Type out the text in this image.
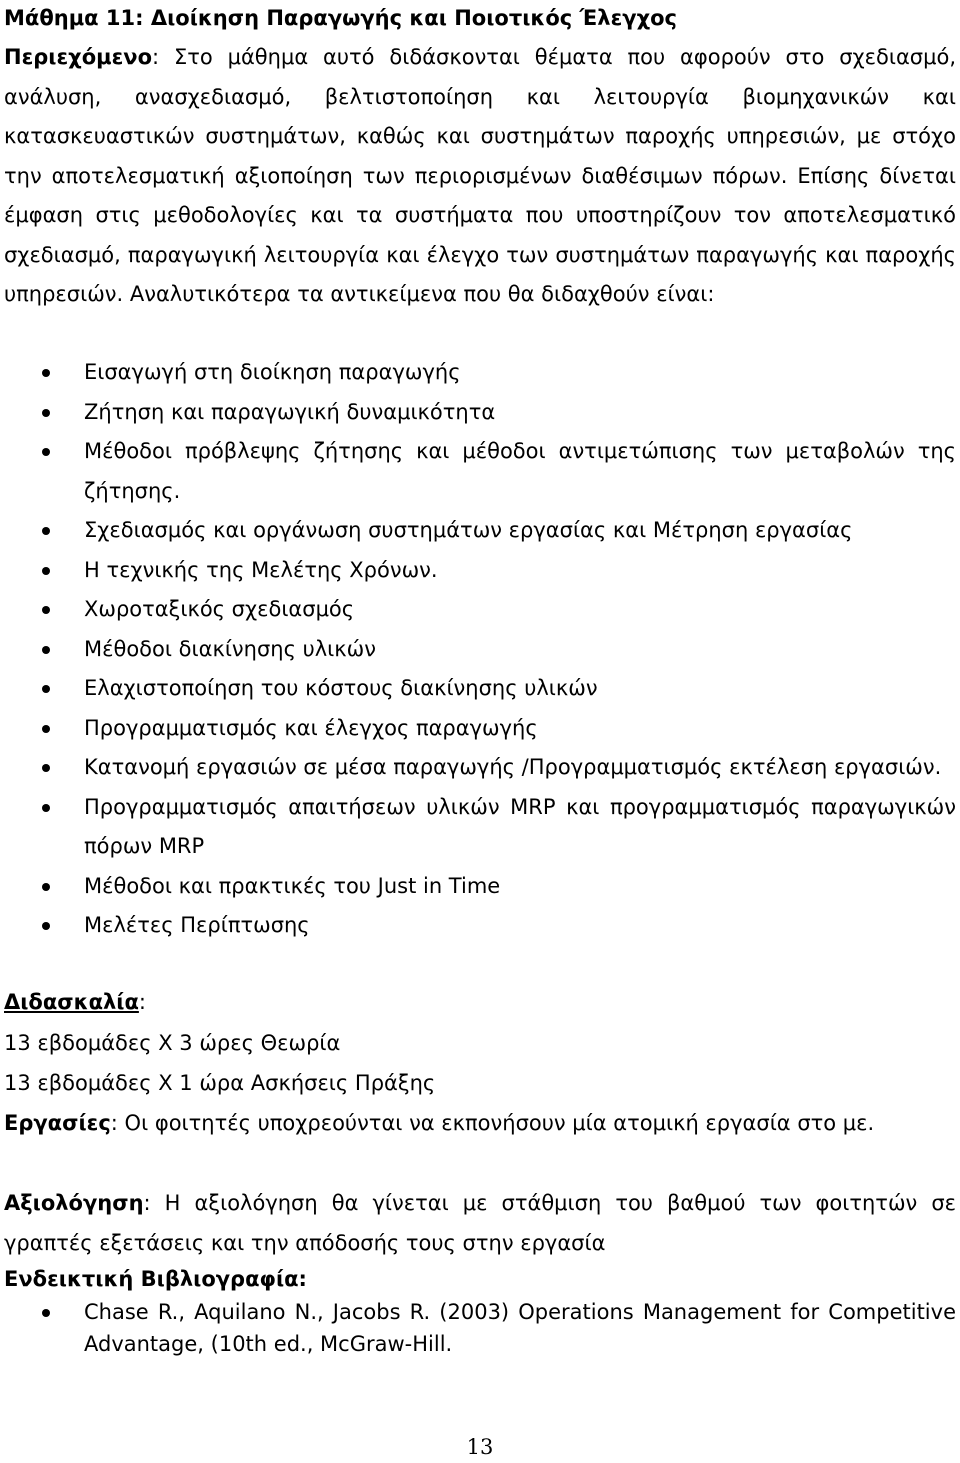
Μάθημα 11: Διοίκηση Παραγωγής και Ποιοτικός Έλεγχος
Περιεχόμενο: Στο μάθημα αυτό διδάσκονται θέματα που αφορούν στο σχεδιασμό, ανάλυση, ανασχεδιασμό, βελτιστοποίηση και λειτουργία βιομηχανικών και κατασκευαστικών συστημάτων, καθώς και συστημάτων παροχής υπηρεσιών, με στόχο την αποτελεσματική αξιοποίηση των περιορισμένων διαθέσιμων πόρων. Επίσης δίνεται έμφαση στις μεθοδολογίες και τα συστήματα που υποστηρίζουν τον αποτελεσματικό σχεδιασμό, παραγωγική λειτουργία και έλεγχο των συστημάτων παραγωγής και παροχής υπηρεσιών. Αναλυτικότερα τα αντικείμενα που θα διδαχθούν είναι:
Εισαγωγή στη διοίκηση παραγωγής
Ζήτηση και παραγωγική δυναμικότητα
Μέθοδοι πρόβλεψης ζήτησης και μέθοδοι αντιμετώπισης των μεταβολών της ζήτησης.
Σχεδιασμός και οργάνωση συστημάτων εργασίας και Μέτρηση εργασίας
Η τεχνικής της Μελέτης Χρόνων.
Χωροταξικός σχεδιασμός
Μέθοδοι διακίνησης υλικών
Ελαχιστοποίηση του κόστους διακίνησης υλικών
Προγραμματισμός και έλεγχος παραγωγής
Κατανομή εργασιών σε μέσα παραγωγής /Προγραμματισμός εκτέλεση εργασιών.
Προγραμματισμός απαιτήσεων υλικών MRP και προγραμματισμός παραγωγικών πόρων MRP
Μέθοδοι και πρακτικές του Just in Time
Μελέτες Περίπτωσης
Διδασκαλία:
13 εβδομάδες X 3 ώρες Θεωρία
13 εβδομάδες X 1 ώρα Ασκήσεις Πράξης
Εργασίες: Οι φοιτητές υποχρεούνται να εκπονήσουν μία ατομική εργασία στο με.
Αξιολόγηση: Η αξιολόγηση θα γίνεται με στάθμιση του βαθμού των φοιτητών σε γραπτές εξετάσεις και την απόδοσής τους στην εργασία
Ενδεικτική Βιβλιογραφία:
Chase R., Aquilano N., Jacobs R. (2003) Operations Management for Competitive Advantage, (10th ed., McGraw-Hill.
13
